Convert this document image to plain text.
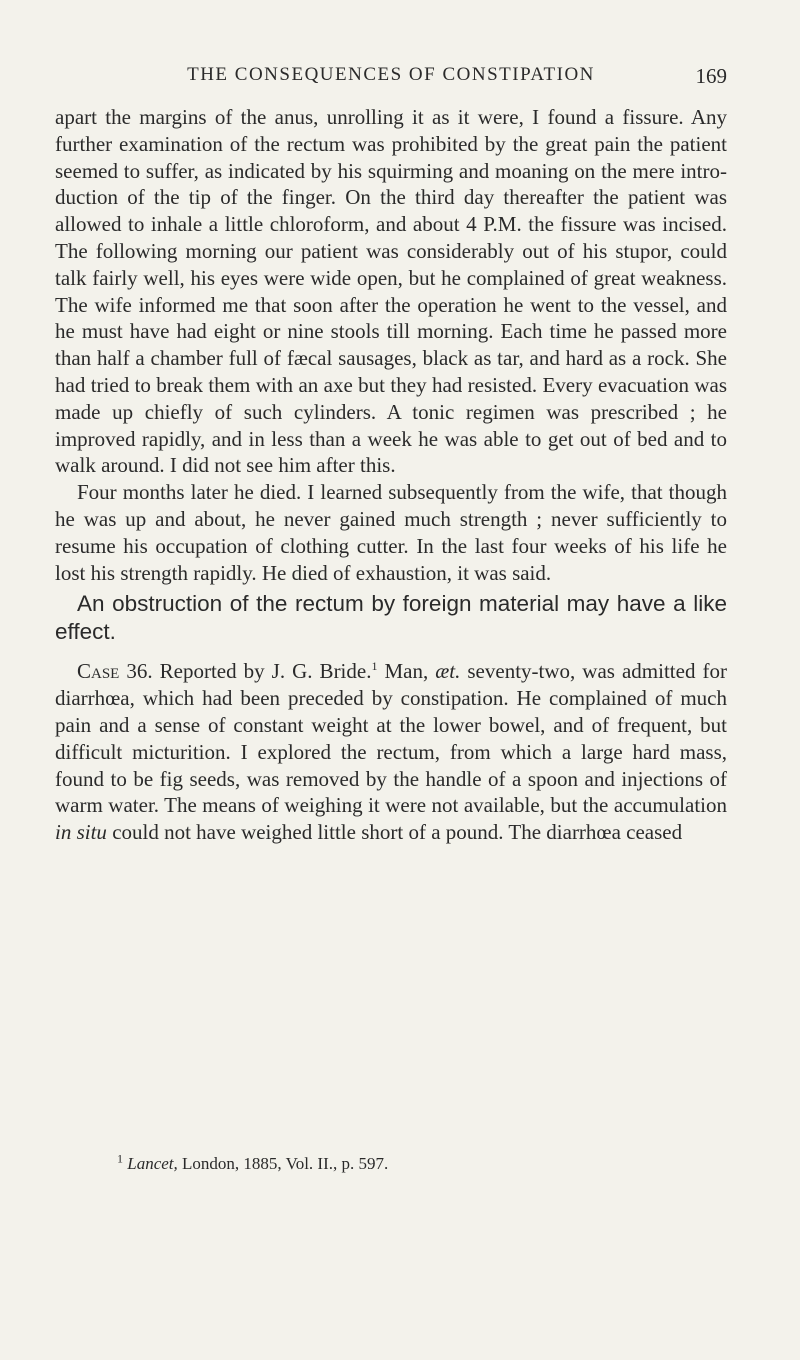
THE CONSEQUENCES OF CONSTIPATION	169

apart the margins of the anus, unrolling it as it were, I found a fissure. Any further examination of the rectum was prohibited by the great pain the patient seemed to suffer, as indicated by his squirming and moaning on the mere introduction of the tip of the finger. On the third day thereafter the patient was allowed to inhale a little chloroform, and about 4 P.M. the fissure was incised. The following morning our patient was considerably out of his stupor, could talk fairly well, his eyes were wide open, but he complained of great weakness. The wife informed me that soon after the operation he went to the vessel, and he must have had eight or nine stools till morning. Each time he passed more than half a chamber full of fæcal sausages, black as tar, and hard as a rock. She had tried to break them with an axe but they had resisted. Every evacuation was made up chiefly of such cylinders. A tonic regimen was prescribed ; he improved rapidly, and in less than a week he was able to get out of bed and to walk around. I did not see him after this.

Four months later he died. I learned subsequently from the wife, that though he was up and about, he never gained much strength ; never sufficiently to resume his occupation of clothing cutter. In the last four weeks of his life he lost his strength rapidly. He died of exhaustion, it was said.

An obstruction of the rectum by foreign material may have a like effect.

Case 36. Reported by J. G. Bride.$^1$ Man, æt. seventy-two, was admitted for diarrhœa, which had been preceded by constipation. He complained of much pain and a sense of constant weight at the lower bowel, and of frequent, but difficult micturition. I explored the rectum, from which a large hard mass, found to be fig seeds, was removed by the handle of a spoon and injections of warm water. The means of weighing it were not available, but the accumulation in situ could not have weighed little short of a pound. The diarrhœa ceased

$^1$ Lancet, London, 1885, Vol. II., p. 597.
